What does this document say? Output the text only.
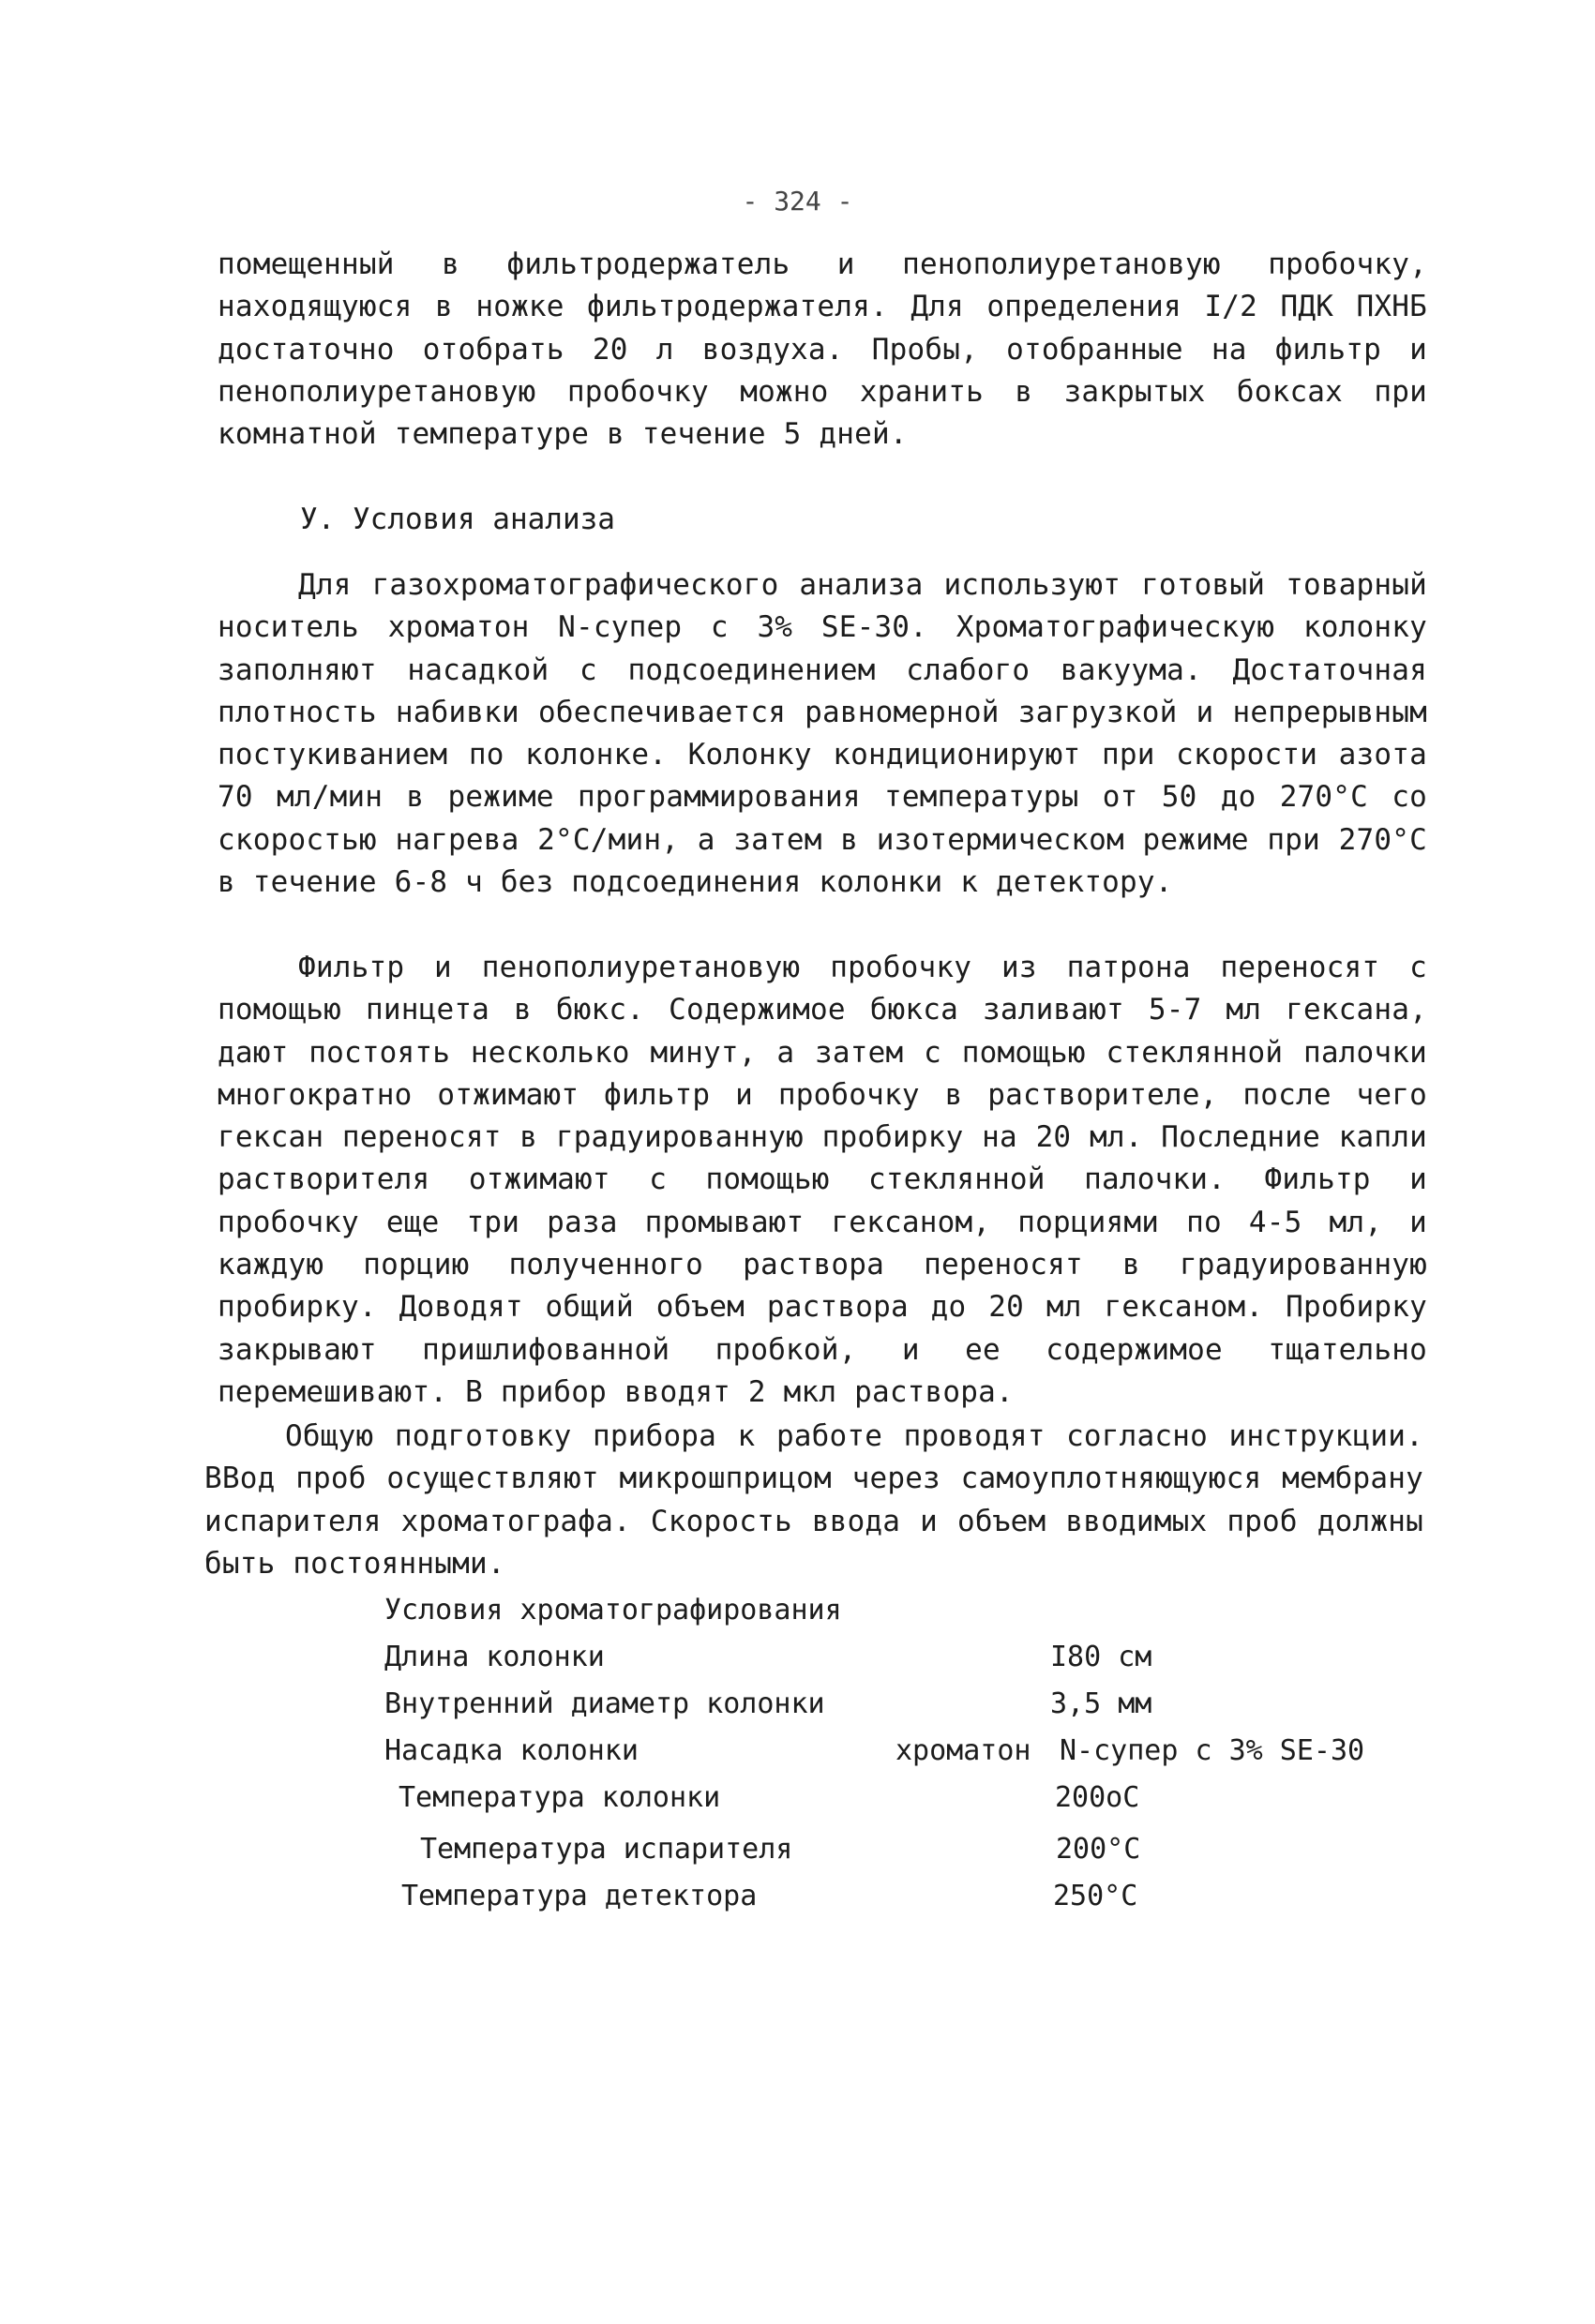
- 324 -

помещенный в фильтродержатель и пенополиуретановую пробочку, находящуюся в ножке фильтродержателя. Для определения I/2 ПДК ПХНБ достаточно отобрать 20 л воздуха. Пробы, отобранные на фильтр и пенополиуретановую пробочку можно хранить в закрытых боксах при комнатной температуре в течение 5 дней.

У. Условия анализа

Для газохроматографического анализа используют готовый товарный носитель хроматон N-супер с 3% SE-30. Хроматографическую колонку заполняют насадкой с подсоединением слабого вакуума. Достаточная плотность набивки обеспечивается равномерной загрузкой и непрерывным постукиванием по колонке. Колонку кондиционируют при скорости азота 70 мл/мин в режиме программирования температуры от 50 до 270°С со скоростью нагрева 2°С/мин, а затем в изотермическом режиме при 270°С в течение 6-8 ч без подсоединения колонки к детектору.

Фильтр и пенополиуретановую пробочку из патрона переносят с помощью пинцета в бюкс. Содержимое бюкса заливают 5-7 мл гексана, дают постоять несколько минут, а затем с помощью стеклянной палочки многократно отжимают фильтр и пробочку в растворителе, после чего гексан переносят в градуированную пробирку на 20 мл. Последние капли растворителя отжимают с помощью стеклянной палочки. Фильтр и пробочку еще три раза промывают гексаном, порциями по 4-5 мл, и каждую порцию полученного раствора переносят в градуированную пробирку. Доводят общий объем раствора до 20 мл гексаном. Пробирку закрывают пришлифованной пробкой, и ее содержимое тщательно перемешивают. В прибор вводят 2 мкл раствора.

Общую подготовку прибора к работе проводят согласно инструкции. ВВод проб осуществляют микрошприцом через самоуплотняющуюся мембрану испарителя хроматографа. Скорость ввода и объем вводимых проб должны быть постоянными.

Условия хроматографирования
Длина колонки	I80 см
Внутренний диаметр колонки	3,5 мм
Насадка колонки	хроматон N-супер с 3% SE-30
Температура колонки	200оС
Температура испарителя	200°С
Температура детектора	250°С
